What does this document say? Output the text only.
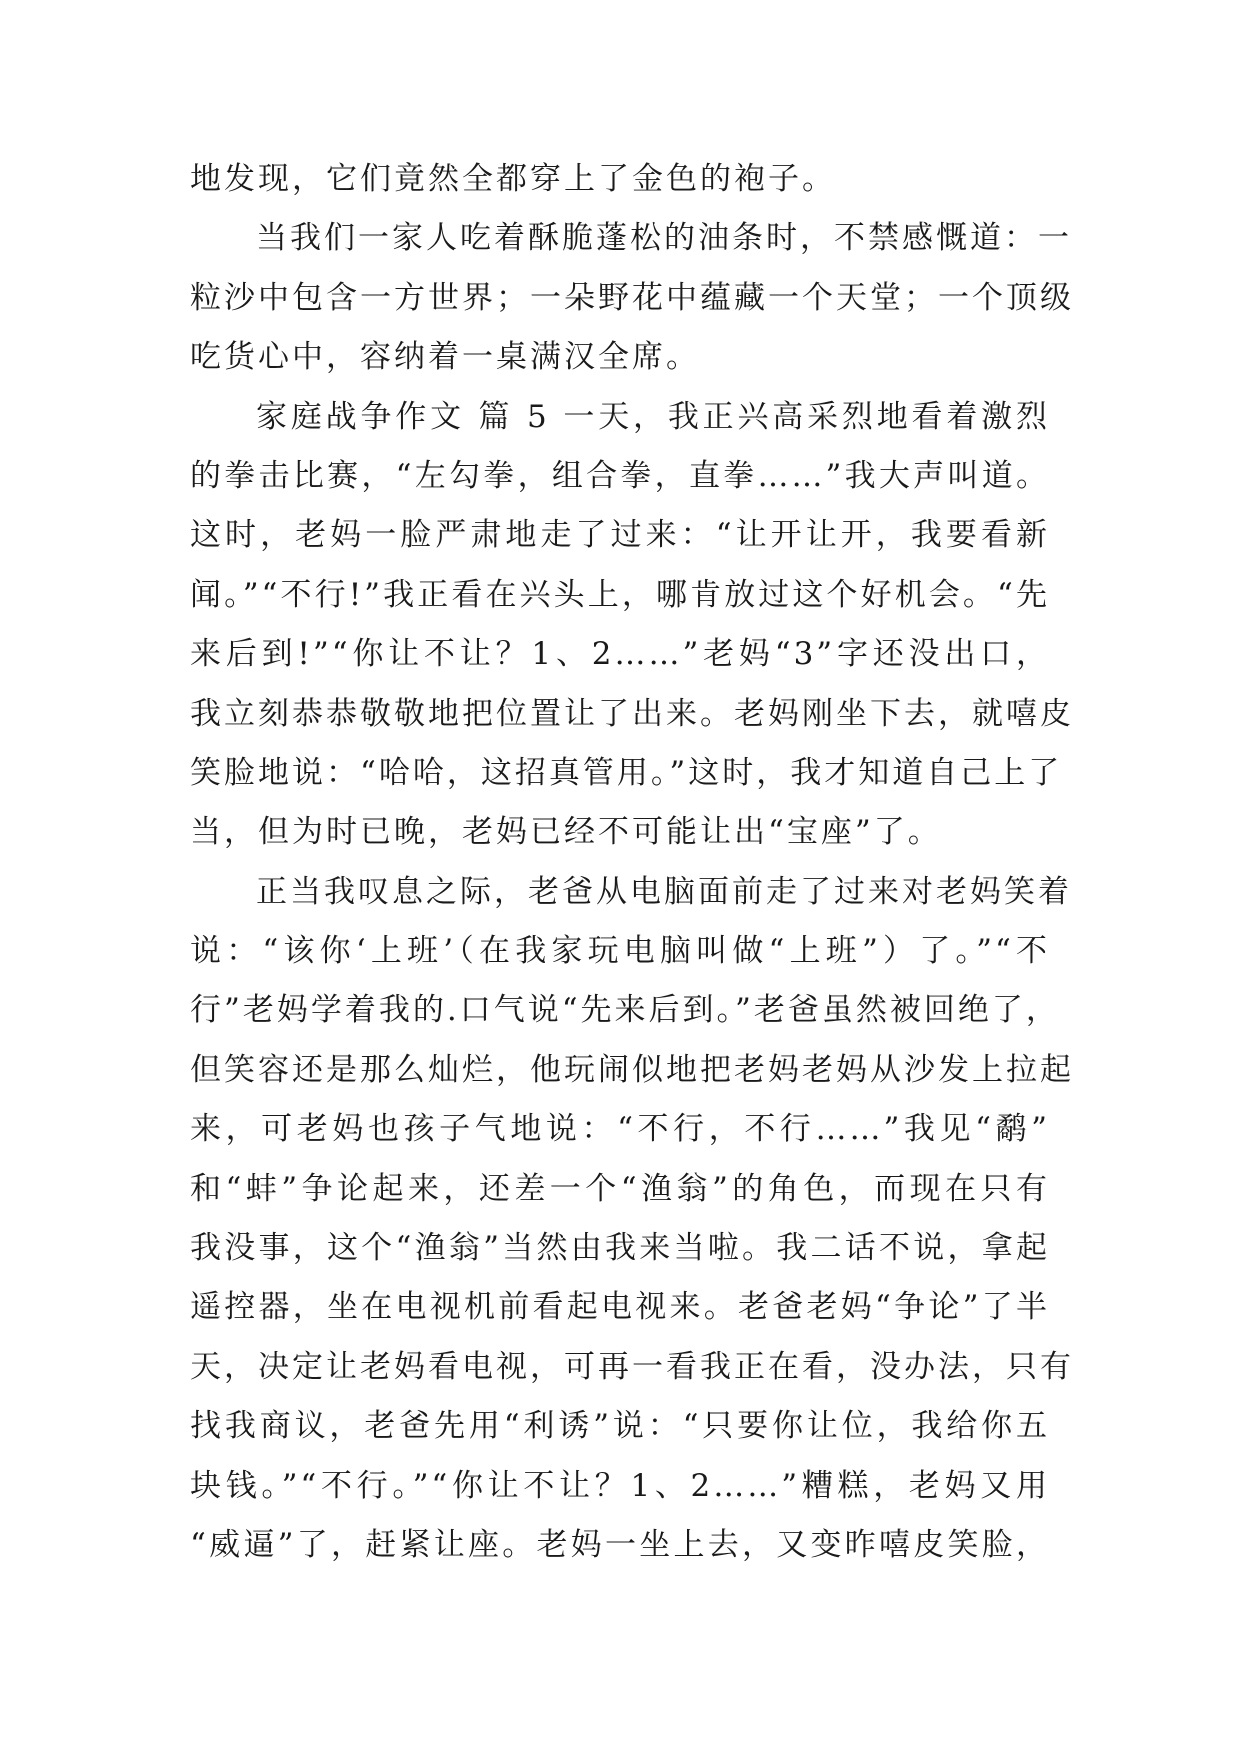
地发现，它们竟然全都穿上了金色的袍子。
当我们一家人吃着酥脆蓬松的油条时，不禁感慨道：一
粒沙中包含一方世界；一朵野花中蕴藏一个天堂；一个顶级
吃货心中，容纳着一桌满汉全席。
家庭战争作文 篇 5 一天，我正兴高采烈地看着激烈
的拳击比赛，“左勾拳，组合拳，直拳……”我大声叫道。
这时，老妈一脸严肃地走了过来：“让开让开，我要看新
闻。”“不行!”我正看在兴头上，哪肯放过这个好机会。“先
来后到!”“你让不让？1、2……”老妈“3”字还没出口，
我立刻恭恭敬敬地把位置让了出来。老妈刚坐下去，就嘻皮
笑脸地说：“哈哈，这招真管用。”这时，我才知道自己上了
当，但为时已晚，老妈已经不可能让出“宝座”了。
正当我叹息之际，老爸从电脑面前走了过来对老妈笑着
说：“该你‘上班’（在我家玩电脑叫做“上班”）了。”“不
行”老妈学着我的.口气说“先来后到。”老爸虽然被回绝了，
但笑容还是那么灿烂，他玩闹似地把老妈老妈从沙发上拉起
来，可老妈也孩子气地说：“不行，不行……”我见“鹬”
和“蚌”争论起来，还差一个“渔翁”的角色，而现在只有
我没事，这个“渔翁”当然由我来当啦。我二话不说，拿起
遥控器，坐在电视机前看起电视来。老爸老妈“争论”了半
天，决定让老妈看电视，可再一看我正在看，没办法，只有
找我商议，老爸先用“利诱”说：“只要你让位，我给你五
块钱。”“不行。”“你让不让？1、2……”糟糕，老妈又用
“威逼”了，赶紧让座。老妈一坐上去，又变昨嘻皮笑脸，
